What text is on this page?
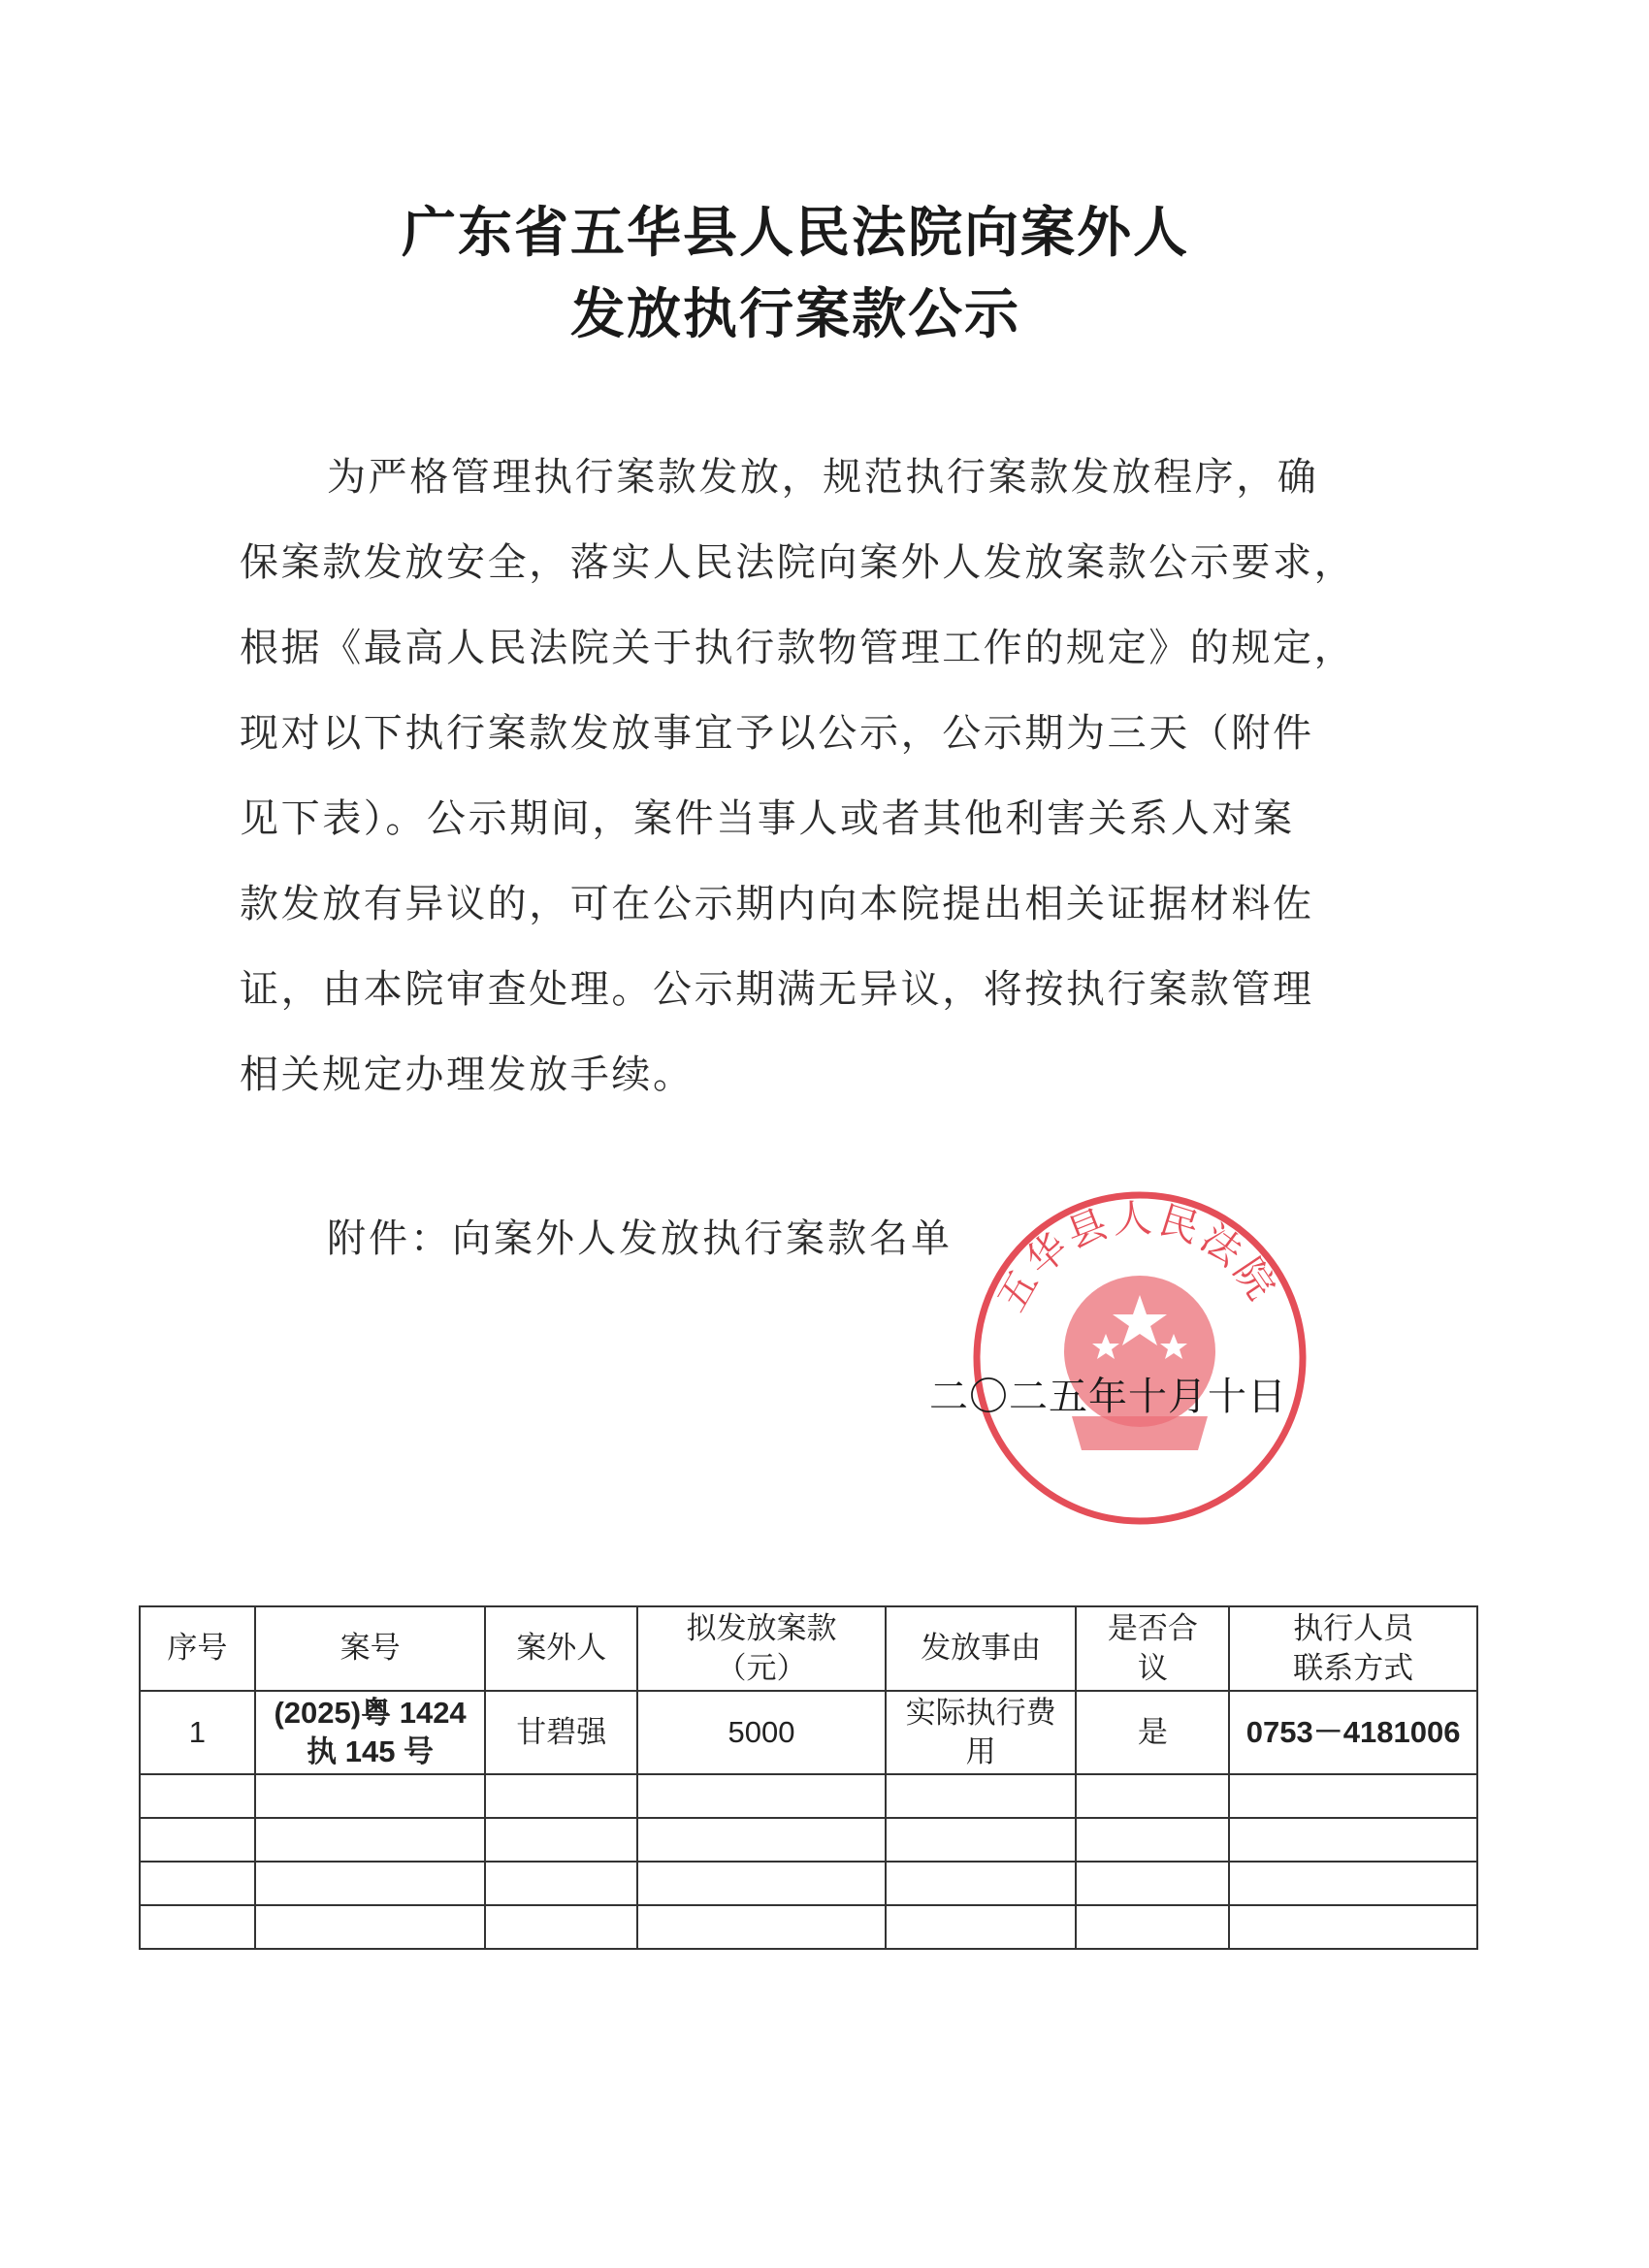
广东省五华县人民法院向案外人
发放执行案款公示
为严格管理执行案款发放，规范执行案款发放程序，确
保案款发放安全，落实人民法院向案外人发放案款公示要求，
根据《最高人民法院关于执行款物管理工作的规定》的规定，
现对以下执行案款发放事宜予以公示，公示期为三天（附件
见下表）。公示期间，案件当事人或者其他利害关系人对案
款发放有异议的，可在公示期内向本院提出相关证据材料佐
证，由本院审查处理。公示期满无异议，将按执行案款管理
相关规定办理发放手续。
附件：向案外人发放执行案款名单
五华县人民法院
二〇二五年十月十日
序号	案号	案外人	拟发放案款（元）	发放事由	是否合议	执行人员联系方式
1	(2025)粤 1424 执 145 号	甘碧强	5000	实际执行费用	是	0753－4181006
